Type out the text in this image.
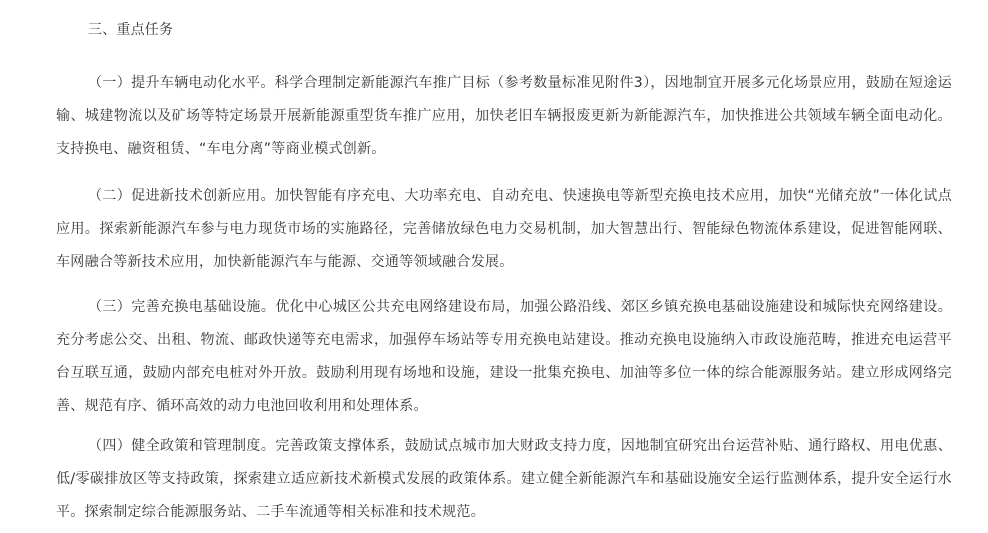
三、重点任务

（一）提升车辆电动化水平。科学合理制定新能源汽车推广目标（参考数量标准见附件3），因地制宜开展多元化场景应用，鼓励在短途运输、城建物流以及矿场等特定场景开展新能源重型货车推广应用，加快老旧车辆报废更新为新能源汽车，加快推进公共领域车辆全面电动化。支持换电、融资租赁、“车电分离”等商业模式创新。

（二）促进新技术创新应用。加快智能有序充电、大功率充电、自动充电、快速换电等新型充换电技术应用，加快“光储充放”一体化试点应用。探索新能源汽车参与电力现货市场的实施路径，完善储放绿色电力交易机制，加大智慧出行、智能绿色物流体系建设，促进智能网联、车网融合等新技术应用，加快新能源汽车与能源、交通等领域融合发展。

（三）完善充换电基础设施。优化中心城区公共充电网络建设布局，加强公路沿线、郊区乡镇充换电基础设施建设和城际快充网络建设。充分考虑公交、出租、物流、邮政快递等充电需求，加强停车场站等专用充换电站建设。推动充换电设施纳入市政设施范畴，推进充电运营平台互联互通，鼓励内部充电桩对外开放。鼓励利用现有场地和设施，建设一批集充换电、加油等多位一体的综合能源服务站。建立形成网络完善、规范有序、循环高效的动力电池回收利用和处理体系。

（四）健全政策和管理制度。完善政策支撑体系，鼓励试点城市加大财政支持力度，因地制宜研究出台运营补贴、通行路权、用电优惠、低/零碳排放区等支持政策，探索建立适应新技术新模式发展的政策体系。建立健全新能源汽车和基础设施安全运行监测体系，提升安全运行水平。探索制定综合能源服务站、二手车流通等相关标准和技术规范。
